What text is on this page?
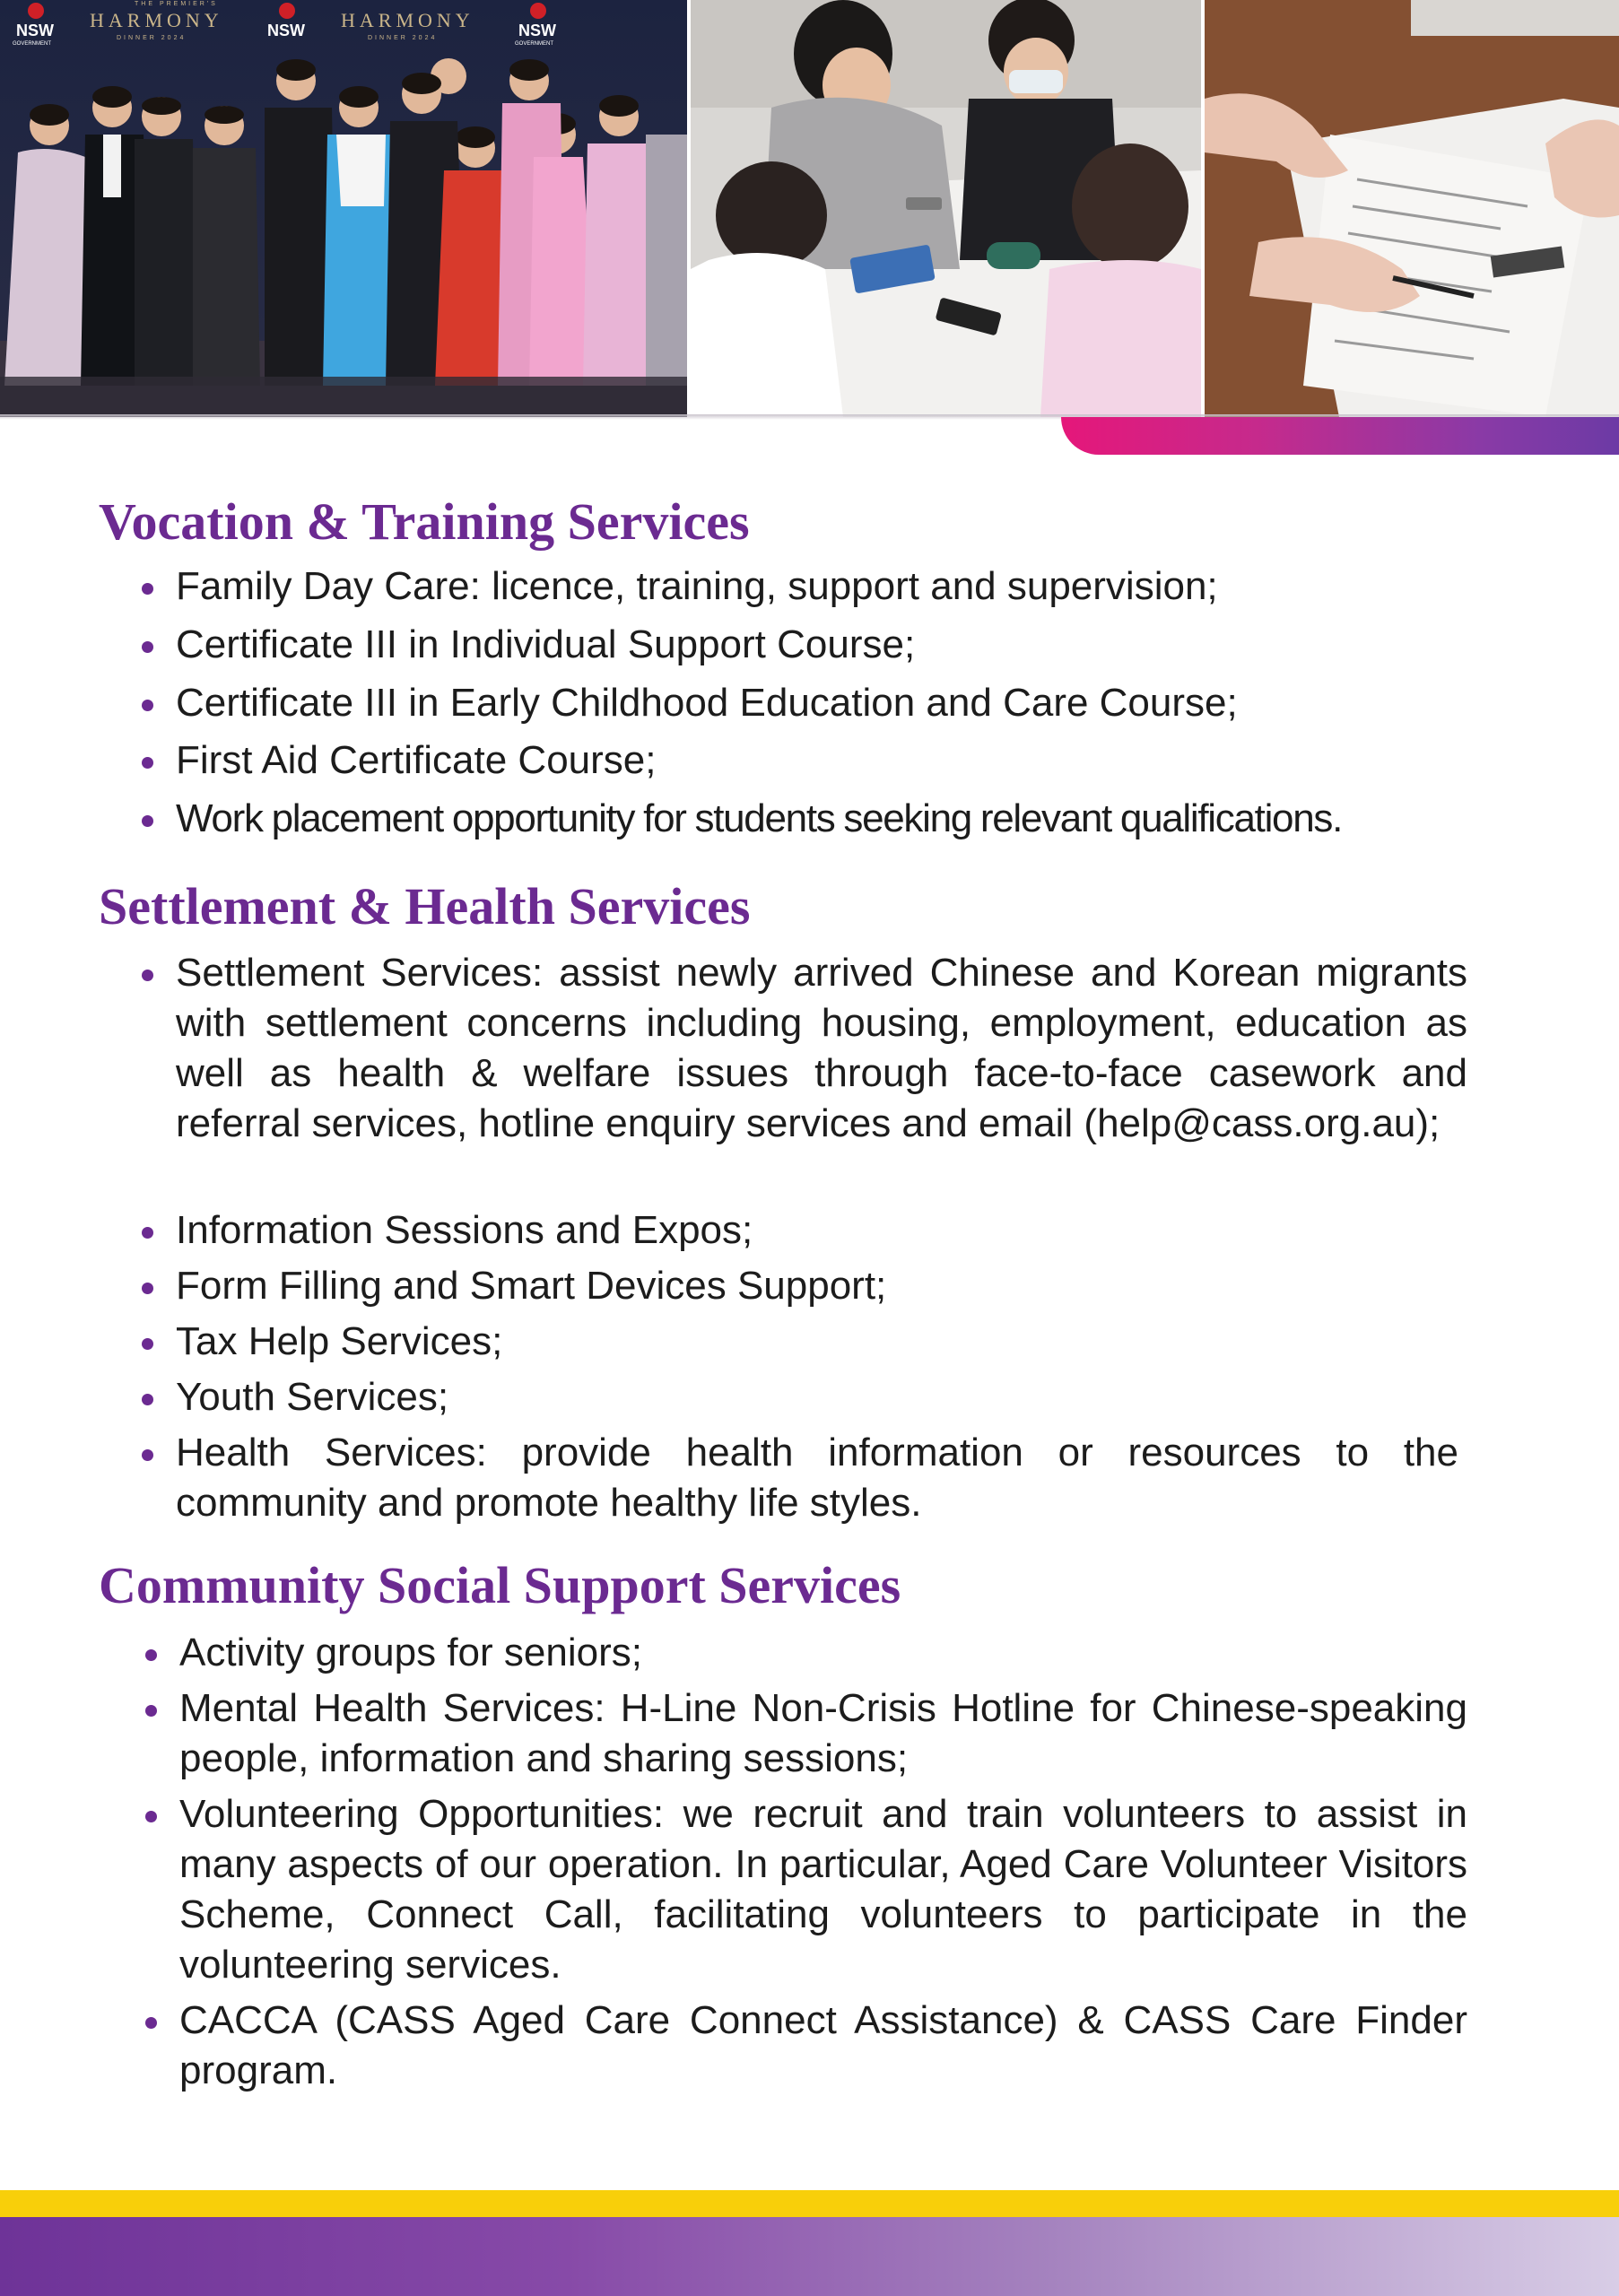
NSW
GOVERNMENT
THE PREMIER'S
HARMONY
DINNER 2024	NSW HARMONY
DINNER 2024	NSW
GOVERNMENT
Vocation & Training Services
Family Day Care: licence, training, support and supervision;
Certificate III in Individual Support Course;
Certificate III in Early Childhood Education and Care Course;
First Aid Certificate Course;
Work placement opportunity for students seeking relevant qualifications.
Settlement & Health Services
Settlement Services: assist newly arrived Chinese and Korean migrants with settlement concerns including housing, employment, education as well as health & welfare issues through face-to-face casework and referral services, hotline enquiry services and email (help@cass.org.au);
Information Sessions and Expos;
Form Filling and Smart Devices Support;
Tax Help Services;
Youth Services;
Health Services: provide health information or resources to the community and promote healthy life styles.
Community Social Support Services
Activity groups for seniors;
Mental Health Services: H-Line Non-Crisis Hotline for Chinese-speaking people, information and sharing sessions;
Volunteering Opportunities: we recruit and train volunteers to assist in many aspects of our operation. In particular, Aged Care Volunteer Visitors Scheme, Connect Call, facilitating volunteers to participate in the volunteering services.
CACCA (CASS Aged Care Connect Assistance) & CASS Care Finder program.
